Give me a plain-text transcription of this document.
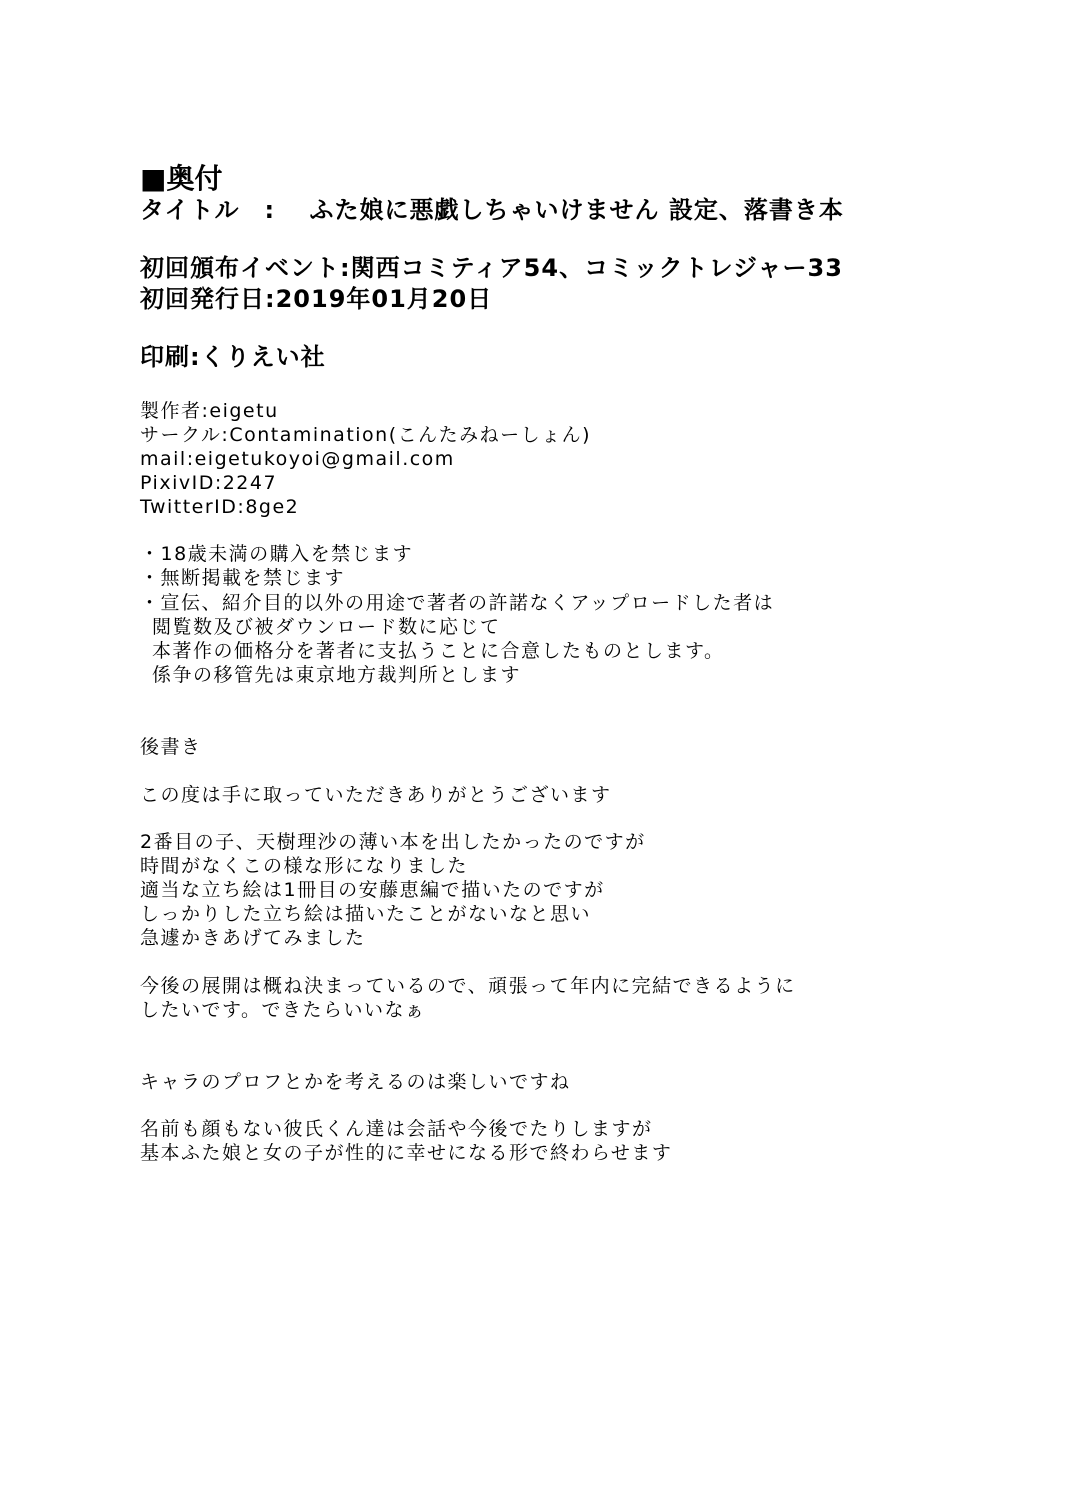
■奥付
タイトル　:　 ふた娘に悪戯しちゃいけません 設定、落書き本
初回頒布イベント:関西コミティア54、コミックトレジャー33
初回発行日:2019年01月20日
印刷:くりえい社
製作者:eigetu
サークル:Contamination(こんたみねーしょん)
mail:eigetukoyoi@gmail.com
PixivID:2247
TwitterID:8ge2
・18歳未満の購入を禁じます
・無断掲載を禁じます
・宣伝、紹介目的以外の用途で著者の許諾なくアップロードした者は
閲覧数及び被ダウンロード数に応じて
本著作の価格分を著者に支払うことに合意したものとします。
係争の移管先は東京地方裁判所とします
後書き
この度は手に取っていただきありがとうございます
2番目の子、天樹理沙の薄い本を出したかったのですが
時間がなくこの様な形になりました
適当な立ち絵は1冊目の安藤恵編で描いたのですが
しっかりした立ち絵は描いたことがないなと思い
急遽かきあげてみました
今後の展開は概ね決まっているので、頑張って年内に完結できるように
したいです。できたらいいなぁ
キャラのプロフとかを考えるのは楽しいですね
名前も顔もない彼氏くん達は会話や今後でたりしますが
基本ふた娘と女の子が性的に幸せになる形で終わらせます
